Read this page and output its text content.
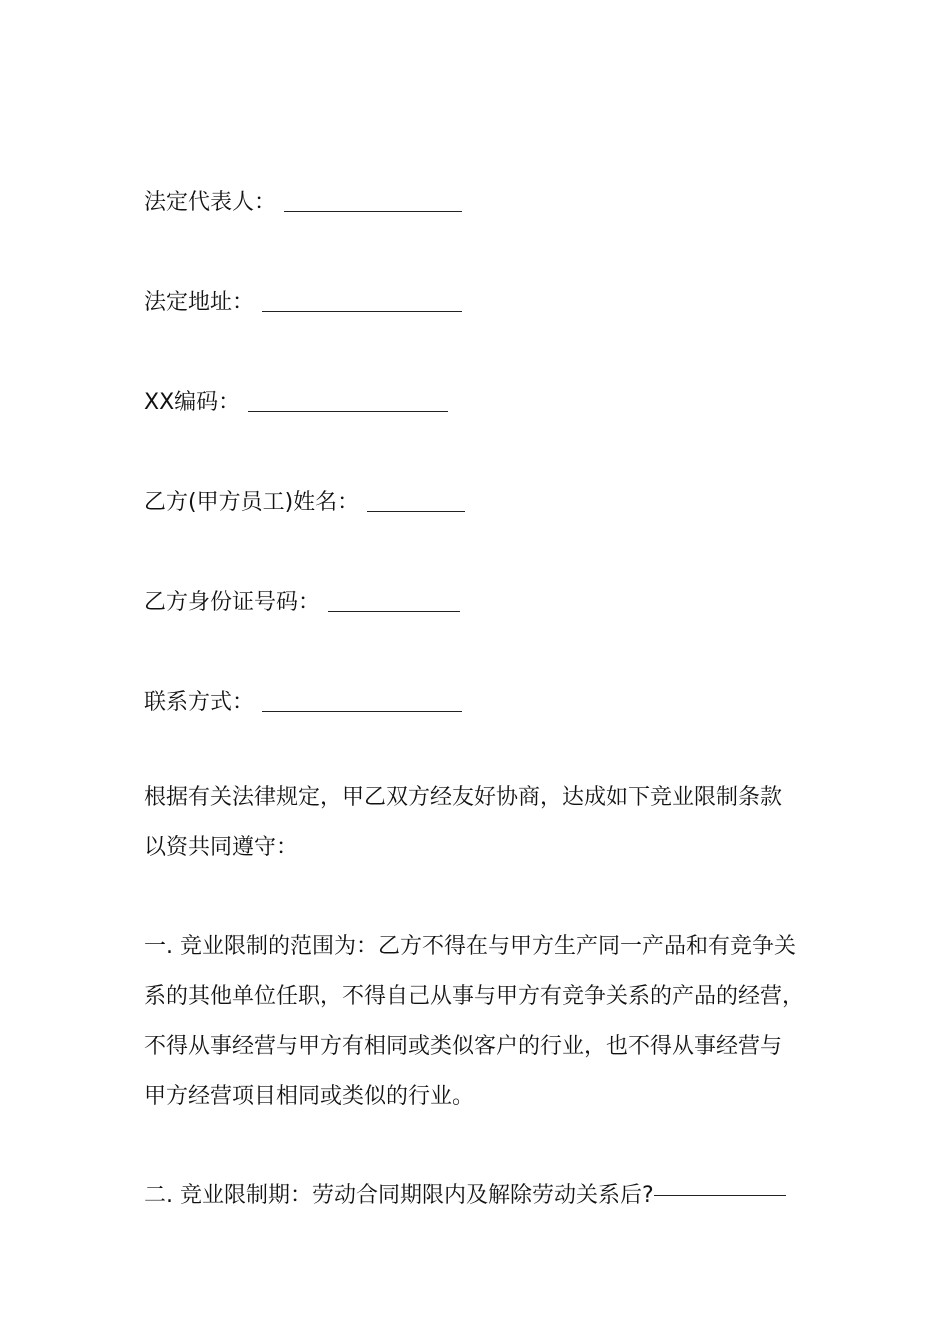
法定代表人：
法定地址：
XX编码：
乙方(甲方员工)姓名：
乙方身份证号码：
联系方式：

根据有关法律规定，甲乙双方经友好协商，达成如下竞业限制条款
以资共同遵守：

一. 竞业限制的范围为：乙方不得在与甲方生产同一产品和有竞争关
系的其他单位任职，不得自己从事与甲方有竞争关系的产品的经营，
不得从事经营与甲方有相同或类似客户的行业，也不得从事经营与
甲方经营项目相同或类似的行业。

二. 竞业限制期：劳动合同期限内及解除劳动关系后?
